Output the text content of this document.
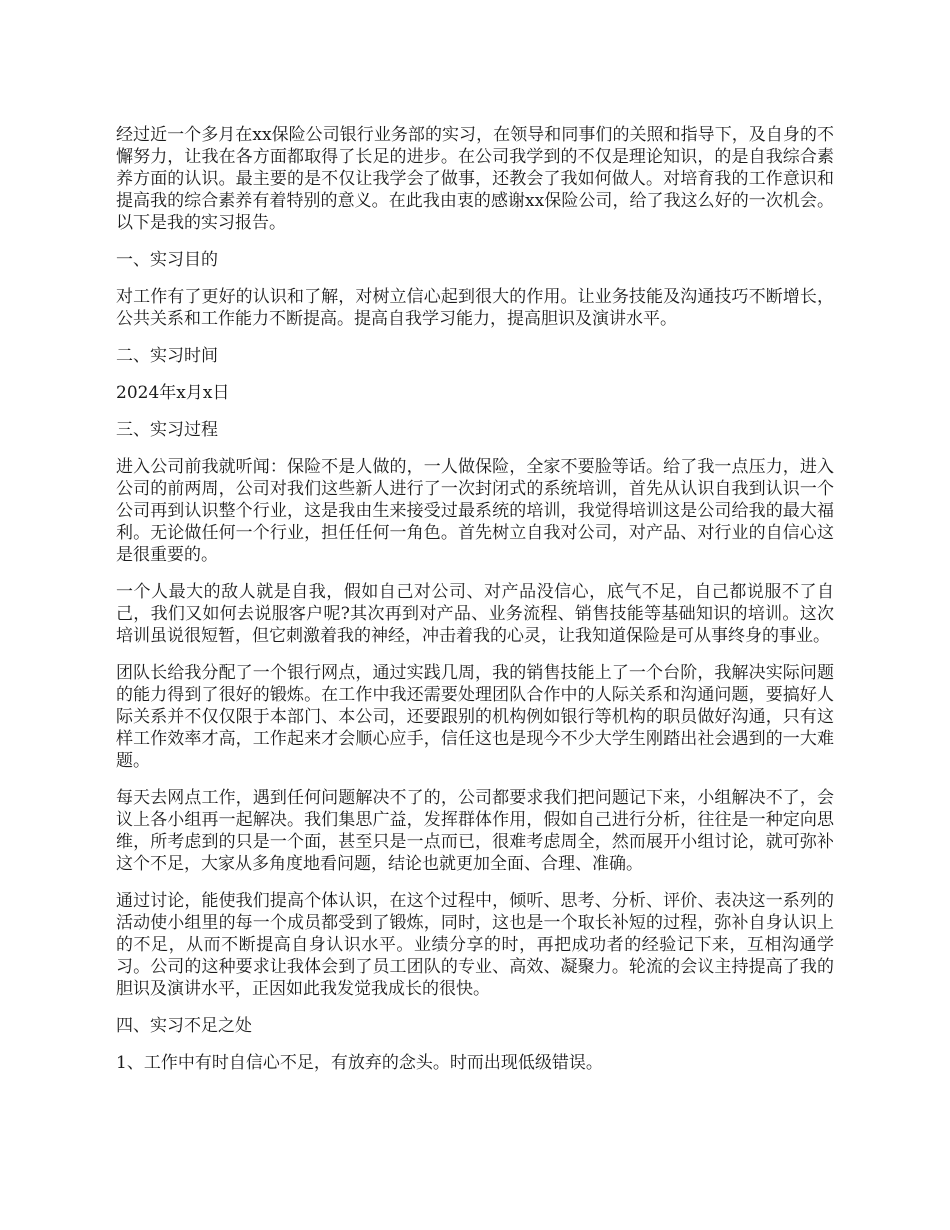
经过近一个多月在xx保险公司银行业务部的实习，在领导和同事们的关照和指导下，及自身的不懈努力，让我在各方面都取得了长足的进步。在公司我学到的不仅是理论知识，的是自我综合素养方面的认识。最主要的是不仅让我学会了做事，还教会了我如何做人。对培育我的工作意识和提高我的综合素养有着特别的意义。在此我由衷的感谢xx保险公司，给了我这么好的一次机会。以下是我的实习报告。

一、实习目的

对工作有了更好的认识和了解，对树立信心起到很大的作用。让业务技能及沟通技巧不断增长，公共关系和工作能力不断提高。提高自我学习能力，提高胆识及演讲水平。

二、实习时间

2024年x月x日

三、实习过程

进入公司前我就听闻：保险不是人做的，一人做保险，全家不要脸等话。给了我一点压力，进入公司的前两周，公司对我们这些新人进行了一次封闭式的系统培训，首先从认识自我到认识一个公司再到认识整个行业，这是我由生来接受过最系统的培训，我觉得培训这是公司给我的最大福利。无论做任何一个行业，担任任何一角色。首先树立自我对公司，对产品、对行业的自信心这是很重要的。

一个人最大的敌人就是自我，假如自己对公司、对产品没信心，底气不足，自己都说服不了自己，我们又如何去说服客户呢?其次再到对产品、业务流程、销售技能等基础知识的培训。这次培训虽说很短暂，但它刺激着我的神经，冲击着我的心灵，让我知道保险是可从事终身的事业。

团队长给我分配了一个银行网点，通过实践几周，我的销售技能上了一个台阶，我解决实际问题的能力得到了很好的锻炼。在工作中我还需要处理团队合作中的人际关系和沟通问题，要搞好人际关系并不仅仅限于本部门、本公司，还要跟别的机构例如银行等机构的职员做好沟通，只有这样工作效率才高，工作起来才会顺心应手，信任这也是现今不少大学生刚踏出社会遇到的一大难题。

每天去网点工作，遇到任何问题解决不了的，公司都要求我们把问题记下来，小组解决不了，会议上各小组再一起解决。我们集思广益，发挥群体作用，假如自己进行分析，往往是一种定向思维，所考虑到的只是一个面，甚至只是一点而已，很难考虑周全，然而展开小组讨论，就可弥补这个不足，大家从多角度地看问题，结论也就更加全面、合理、准确。

通过讨论，能使我们提高个体认识，在这个过程中，倾听、思考、分析、评价、表决这一系列的活动使小组里的每一个成员都受到了锻炼，同时，这也是一个取长补短的过程，弥补自身认识上的不足，从而不断提高自身认识水平。业绩分享的时，再把成功者的经验记下来，互相沟通学习。公司的这种要求让我体会到了员工团队的专业、高效、凝聚力。轮流的会议主持提高了我的胆识及演讲水平，正因如此我发觉我成长的很快。

四、实习不足之处

1、工作中有时自信心不足，有放弃的念头。时而出现低级错误。
